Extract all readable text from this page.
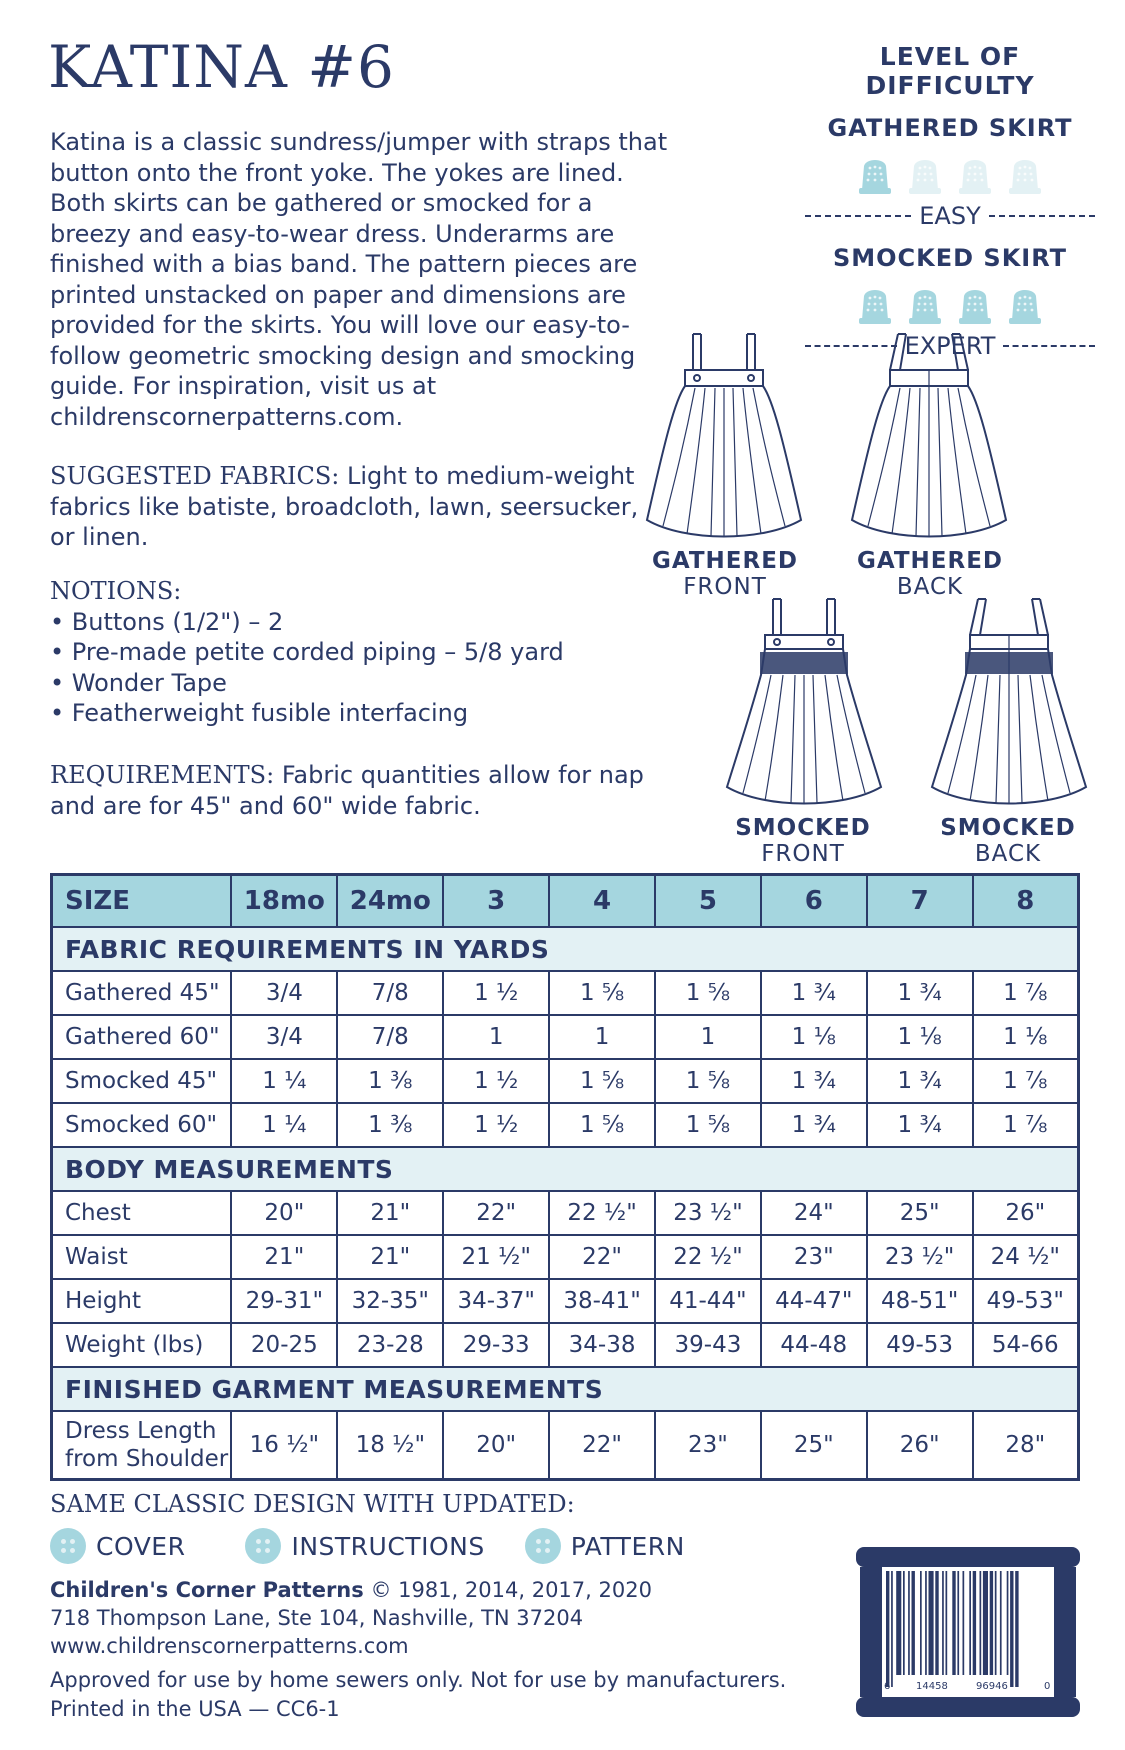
KATINA #6
Katina is a classic sundress/jumper with straps that button onto the front yoke. The yokes are lined. Both skirts can be gathered or smocked for a breezy and easy-to-wear dress. Underarms are finished with a bias band. The pattern pieces are printed unstacked on paper and dimensions are provided for the skirts. You will love our easy-to-follow geometric smocking design and smocking guide. For inspiration, visit us at childrenscornerpatterns.com.
SUGGESTED FABRICS: Light to medium-weight fabrics like batiste, broadcloth, lawn, seersucker, or linen.
NOTIONS:
• Buttons (1/2") – 2
• Pre-made petite corded piping – 5/8 yard
• Wonder Tape
• Featherweight fusible interfacing
REQUIREMENTS: Fabric quantities allow for nap and are for 45" and 60" wide fabric.
LEVEL OF DIFFICULTY
GATHERED SKIRT
EASY
SMOCKED SKIRT
EXPERT
GATHERED
FRONT
GATHERED
BACK
SMOCKED
FRONT
SMOCKED
BACK
SIZE	18mo	24mo	3	4	5	6	7	8
FABRIC REQUIREMENTS IN YARDS								
Gathered 45"	3/4	7/8	1 ½	1 ⅝	1 ⅝	1 ¾	1 ¾	1 ⅞
Gathered 60"	3/4	7/8	1	1	1	1 ⅛	1 ⅛	1 ⅛
Smocked 45"	1 ¼	1 ⅜	1 ½	1 ⅝	1 ⅝	1 ¾	1 ¾	1 ⅞
Smocked 60"	1 ¼	1 ⅜	1 ½	1 ⅝	1 ⅝	1 ¾	1 ¾	1 ⅞
BODY MEASUREMENTS								
Chest	20"	21"	22"	22 ½"	23 ½"	24"	25"	26"
Waist	21"	21"	21 ½"	22"	22 ½"	23"	23 ½"	24 ½"
Height	29-31"	32-35"	34-37"	38-41"	41-44"	44-47"	48-51"	49-53"
Weight (lbs)	20-25	23-28	29-33	34-38	39-43	44-48	49-53	54-66
FINISHED GARMENT MEASUREMENTS								
Dress Length from Shoulder	16 ½"	18 ½"	20"	22"	23"	25"	26"	28"
SAME CLASSIC DESIGN WITH UPDATED:
COVER	INSTRUCTIONS	PATTERN
Children's Corner Patterns © 1981, 2014, 2017, 2020
718 Thompson Lane, Ste 104, Nashville, TN 37204
www.childrenscornerpatterns.com
Approved for use by home sewers only. Not for use by manufacturers.
Printed in the USA — CC6-1
6	14458	96946	0
